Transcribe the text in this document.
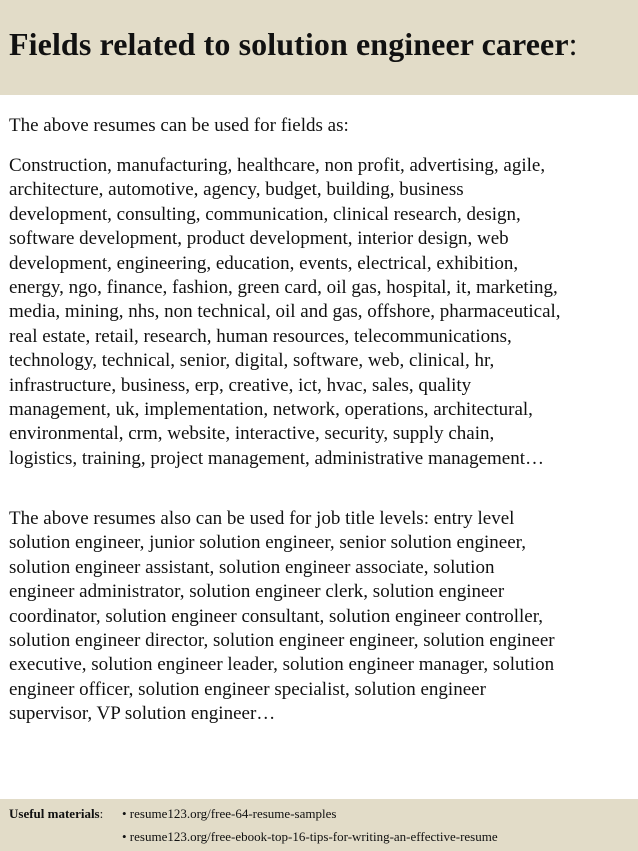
Fields related to solution engineer career:

The above resumes can be used for fields as:

Construction, manufacturing, healthcare, non profit, advertising, agile,
architecture, automotive, agency, budget, building, business
development, consulting, communication, clinical research, design,
software development, product development, interior design, web
development, engineering, education, events, electrical, exhibition,
energy, ngo, finance, fashion, green card, oil gas, hospital, it, marketing,
media, mining, nhs, non technical, oil and gas, offshore, pharmaceutical,
real estate, retail, research, human resources, telecommunications,
technology, technical, senior, digital, software, web, clinical, hr,
infrastructure, business, erp, creative, ict, hvac, sales, quality
management, uk, implementation, network, operations, architectural,
environmental, crm, website, interactive, security, supply chain,
logistics, training, project management, administrative management…

The above resumes also can be used for job title levels: entry level
solution engineer, junior solution engineer, senior solution engineer,
solution engineer assistant, solution engineer associate, solution
engineer administrator, solution engineer clerk, solution engineer
coordinator, solution engineer consultant, solution engineer controller,
solution engineer director, solution engineer engineer, solution engineer
executive, solution engineer leader, solution engineer manager, solution
engineer officer, solution engineer specialist, solution engineer
supervisor, VP solution engineer…

Useful materials: • resume123.org/free-64-resume-samples
• resume123.org/free-ebook-top-16-tips-for-writing-an-effective-resume
